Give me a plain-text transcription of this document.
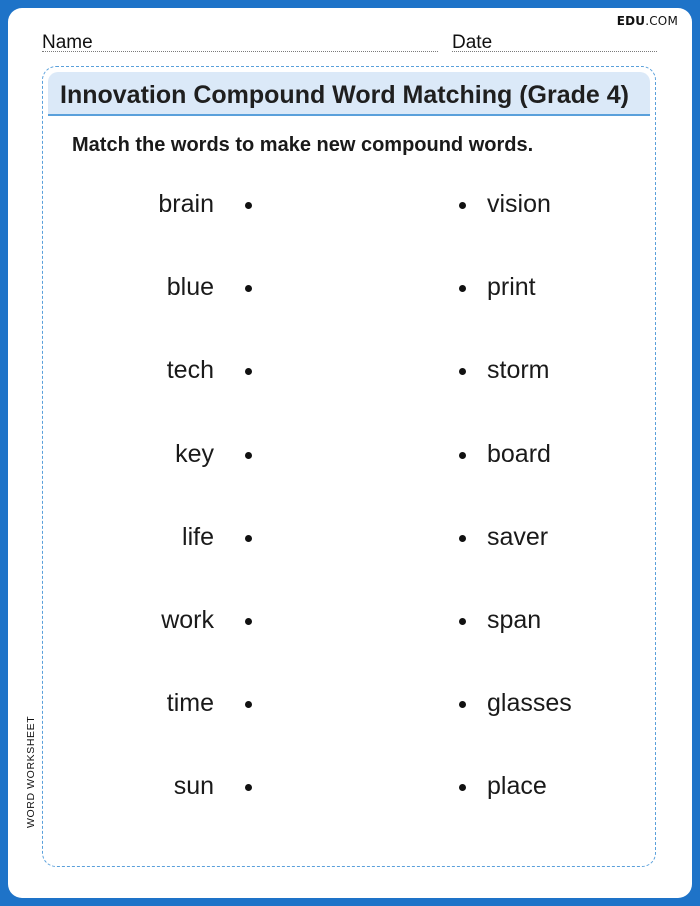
EDU.COM
Name	Date
Innovation Compound Word Matching (Grade 4)
Match the words to make new compound words.
brain	vision
blue	print
tech	storm
key	board
life	saver
work	span
time	glasses
sun	place
WORD WORKSHEET
